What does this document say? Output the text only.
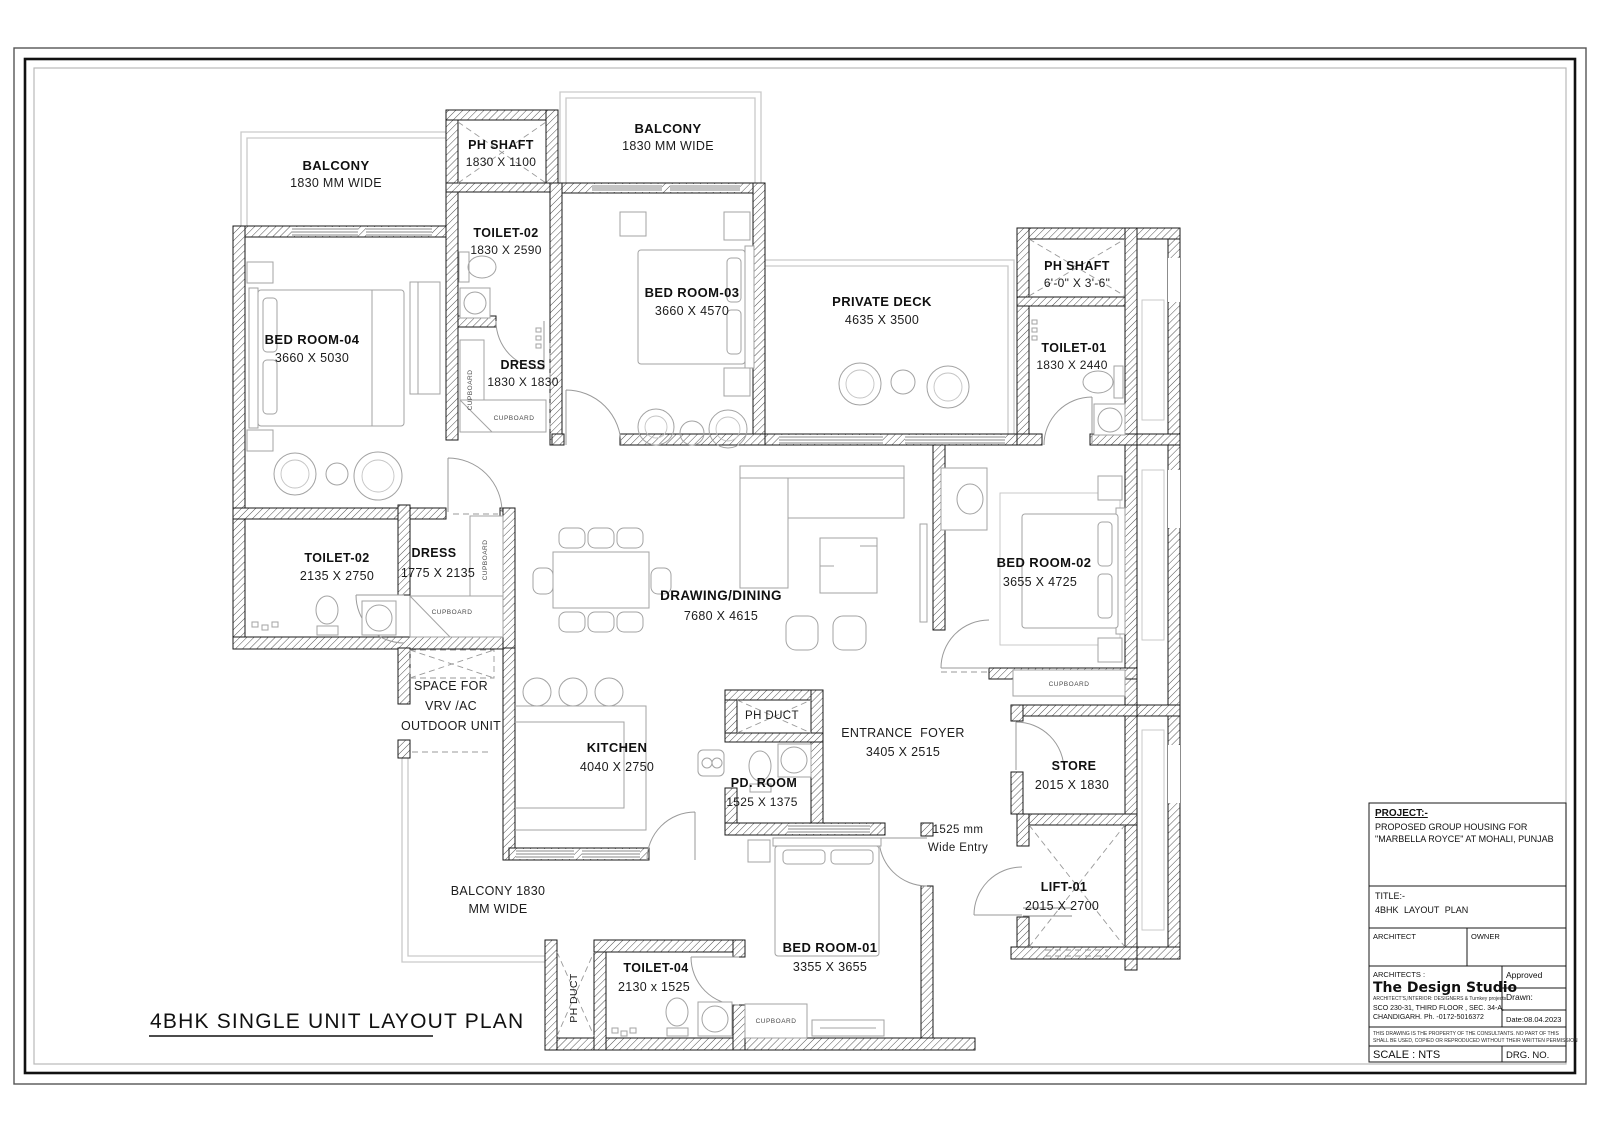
BALCONY
1830 MM WIDE
PH SHAFT
1830 X 1100
BALCONY
1830 MM WIDE
TOILET-02
1830 X 2590
BED ROOM-04
3660 X 5030	DRESS
1830 X 1830
BED ROOM-03
3660 X 4570
PRIVATE DECK
4635 X 3500
PH SHAFT
6'-0" X 3'-6"
TOILET-01
1830 X 2440
TOILET-02
2135 X 2750
DRESS
1775 X 2135
DRAWING/DINING
7680 X 4615
BED ROOM-02
3655 X 4725
SPACE FOR
VRV /AC
OUTDOOR UNIT
KITCHEN
4040 X 2750
PH DUCT
PD. ROOM
1525 X 1375
ENTRANCE FOYER
3405 X 2515
STORE
2015 X 1830
LIFT-01
2015 X 2700
1525 mm
Wide Entry
BED ROOM-01
3355 X 3655
TOILET-04
2130 x 1525
BALCONY 1830
MM WIDE
CUPBOARD
CUPBOARD
CUPBOARD
CUPBOARD
CUPBOARD
CUPBOARD
PH DUCT
4BHK SINGLE UNIT LAYOUT PLAN
PROJECT:-
PROPOSED GROUP HOUSING FOR
"MARBELLA ROYCE" AT MOHALI, PUNJAB
TITLE:-
4BHK LAYOUT PLAN
ARCHITECT	OWNER
ARCHITECTS :
The Design Studio
ARCHITECT'S,INTERIOR: DESIGNERS & Turnkey projects
SCO 230-31, THIRD FLOOR , SEC. 34-A,
CHANDIGARH. Ph. -0172-5016372
Approved
Drawn:
Date:08.04.2023
THIS DRAWING IS THE PROPERTY OF THE CONSULTANTS. NO PART OF THIS
SHALL BE USED, COPIED OR REPRODUCED WITHOUT THEIR WRITTEN PERMISSION
SCALE : NTS	DRG. NO.
